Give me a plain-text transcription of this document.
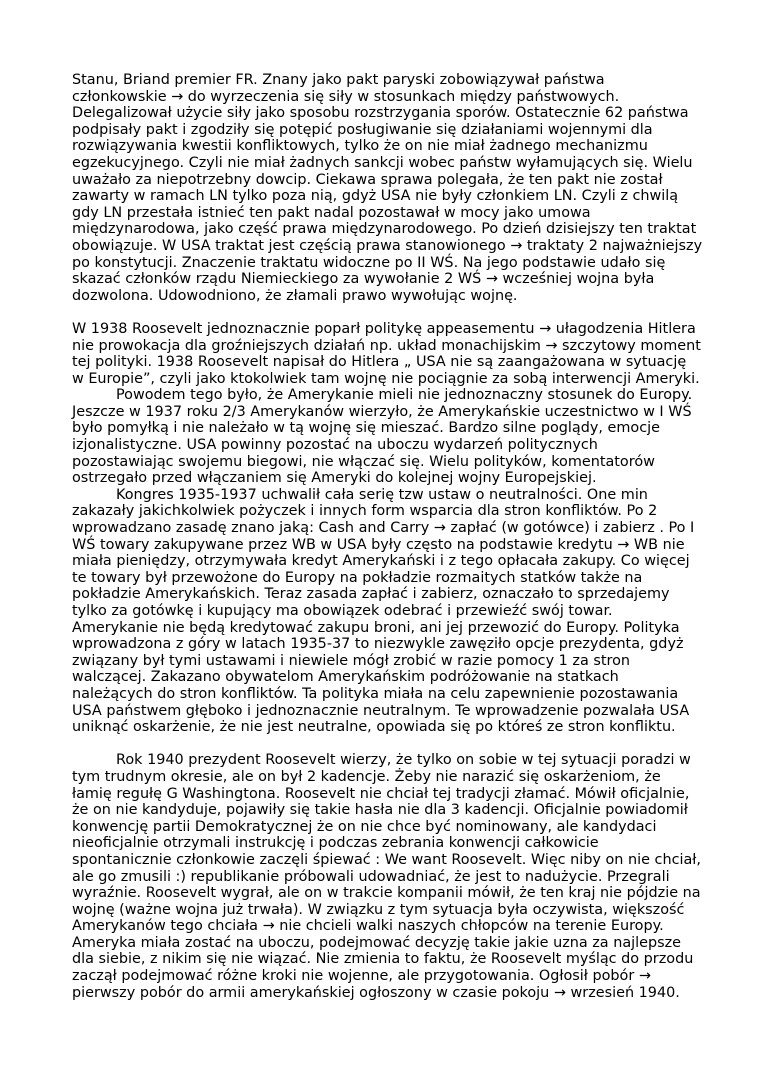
Stanu, Briand premier FR. Znany jako pakt paryski zobowiązywał państwa
członkowskie → do wyrzeczenia się siły w stosunkach między państwowych.
Delegalizował użycie siły jako sposobu rozstrzygania sporów. Ostatecznie 62 państwa
podpisały pakt i zgodziły się potępić posługiwanie się działaniami wojennymi dla
rozwiązywania kwestii konfliktowych, tylko że on nie miał żadnego mechanizmu
egzekucyjnego. Czyli nie miał żadnych sankcji wobec państw wyłamujących się. Wielu
uważało za niepotrzebny dowcip. Ciekawa sprawa polegała, że ten pakt nie został
zawarty w ramach LN tylko poza nią, gdyż USA nie były członkiem LN. Czyli z chwilą
gdy LN przestała istnieć ten pakt nadal pozostawał w mocy jako umowa
międzynarodowa, jako część prawa międzynarodowego. Po dzień dzisiejszy ten traktat
obowiązuje. W USA traktat jest częścią prawa stanowionego → traktaty 2 najważniejszy
po konstytucji. Znaczenie traktatu widoczne po II WŚ. Na jego podstawie udało się
skazać członków rządu Niemieckiego za wywołanie 2 WŚ → wcześniej wojna była
dozwolona. Udowodniono, że złamali prawo wywołując wojnę.
W 1938 Roosevelt jednoznacznie poparł politykę appeasementu → ułagodzenia Hitlera
nie prowokacja dla groźniejszych działań np. układ monachijskim → szczytowy moment
tej polityki. 1938 Roosevelt napisał do Hitlera „ USA nie są zaangażowana w sytuację
w Europie”, czyli jako ktokolwiek tam wojnę nie pociągnie za sobą interwencji Ameryki.
Powodem tego było, że Amerykanie mieli nie jednoznaczny stosunek do Europy.
Jeszcze w 1937 roku 2/3 Amerykanów wierzyło, że Amerykańskie uczestnictwo w I WŚ
było pomyłką i nie należało w tą wojnę się mieszać. Bardzo silne poglądy, emocje
izjonalistyczne. USA powinny pozostać na uboczu wydarzeń politycznych
pozostawiając swojemu biegowi, nie włączać się. Wielu polityków, komentatorów
ostrzegało przed włączaniem się Ameryki do kolejnej wojny Europejskiej.
Kongres 1935-1937 uchwalił cała serię tzw ustaw o neutralności. One min
zakazały jakichkolwiek pożyczek i innych form wsparcia dla stron konfliktów. Po 2
wprowadzano zasadę znano jaką: Cash and Carry → zapłać (w gotówce) i zabierz . Po I
WŚ towary zakupywane przez WB w USA były często na podstawie kredytu → WB nie
miała pieniędzy, otrzymywała kredyt Amerykański i z tego opłacała zakupy. Co więcej
te towary był przewożone do Europy na pokładzie rozmaitych statków także na
pokładzie Amerykańskich. Teraz zasada zapłać i zabierz, oznaczało to sprzedajemy
tylko za gotówkę i kupujący ma obowiązek odebrać i przewieźć swój towar.
Amerykanie nie będą kredytować zakupu broni, ani jej przewozić do Europy. Polityka
wprowadzona z góry w latach 1935-37 to niezwykle zawęziło opcje prezydenta, gdyż
związany był tymi ustawami i niewiele mógł zrobić w razie pomocy 1 za stron
walczącej. Zakazano obywatelom Amerykańskim podróżowanie na statkach
należących do stron konfliktów. Ta polityka miała na celu zapewnienie pozostawania
USA państwem głęboko i jednoznacznie neutralnym. Te wprowadzenie pozwalała USA
uniknąć oskarżenie, że nie jest neutralne, opowiada się po któreś ze stron konfliktu.
Rok 1940 prezydent Roosevelt wierzy, że tylko on sobie w tej sytuacji poradzi w
tym trudnym okresie, ale on był 2 kadencje. Żeby nie narazić się oskarżeniom, że
łamię regułę G Washingtona. Roosevelt nie chciał tej tradycji złamać. Mówił oficjalnie,
że on nie kandyduje, pojawiły się takie hasła nie dla 3 kadencji. Oficjalnie powiadomił
konwencję partii Demokratycznej że on nie chce być nominowany, ale kandydaci
nieoficjalnie otrzymali instrukcję i podczas zebrania konwencji całkowicie
spontanicznie członkowie zaczęli śpiewać : We want Roosevelt. Więc niby on nie chciał,
ale go zmusili :) republikanie próbowali udowadniać, że jest to nadużycie. Przegrali
wyraźnie. Roosevelt wygrał, ale on w trakcie kompanii mówił, że ten kraj nie pójdzie na
wojnę (ważne wojna już trwała). W związku z tym sytuacja była oczywista, większość
Amerykanów tego chciała → nie chcieli walki naszych chłopców na terenie Europy.
Ameryka miała zostać na uboczu, podejmować decyzję takie jakie uzna za najlepsze
dla siebie, z nikim się nie wiązać. Nie zmienia to faktu, że Roosevelt myśląc do przodu
zaczął podejmować różne kroki nie wojenne, ale przygotowania. Ogłosił pobór →
pierwszy pobór do armii amerykańskiej ogłoszony w czasie pokoju → wrzesień 1940.
